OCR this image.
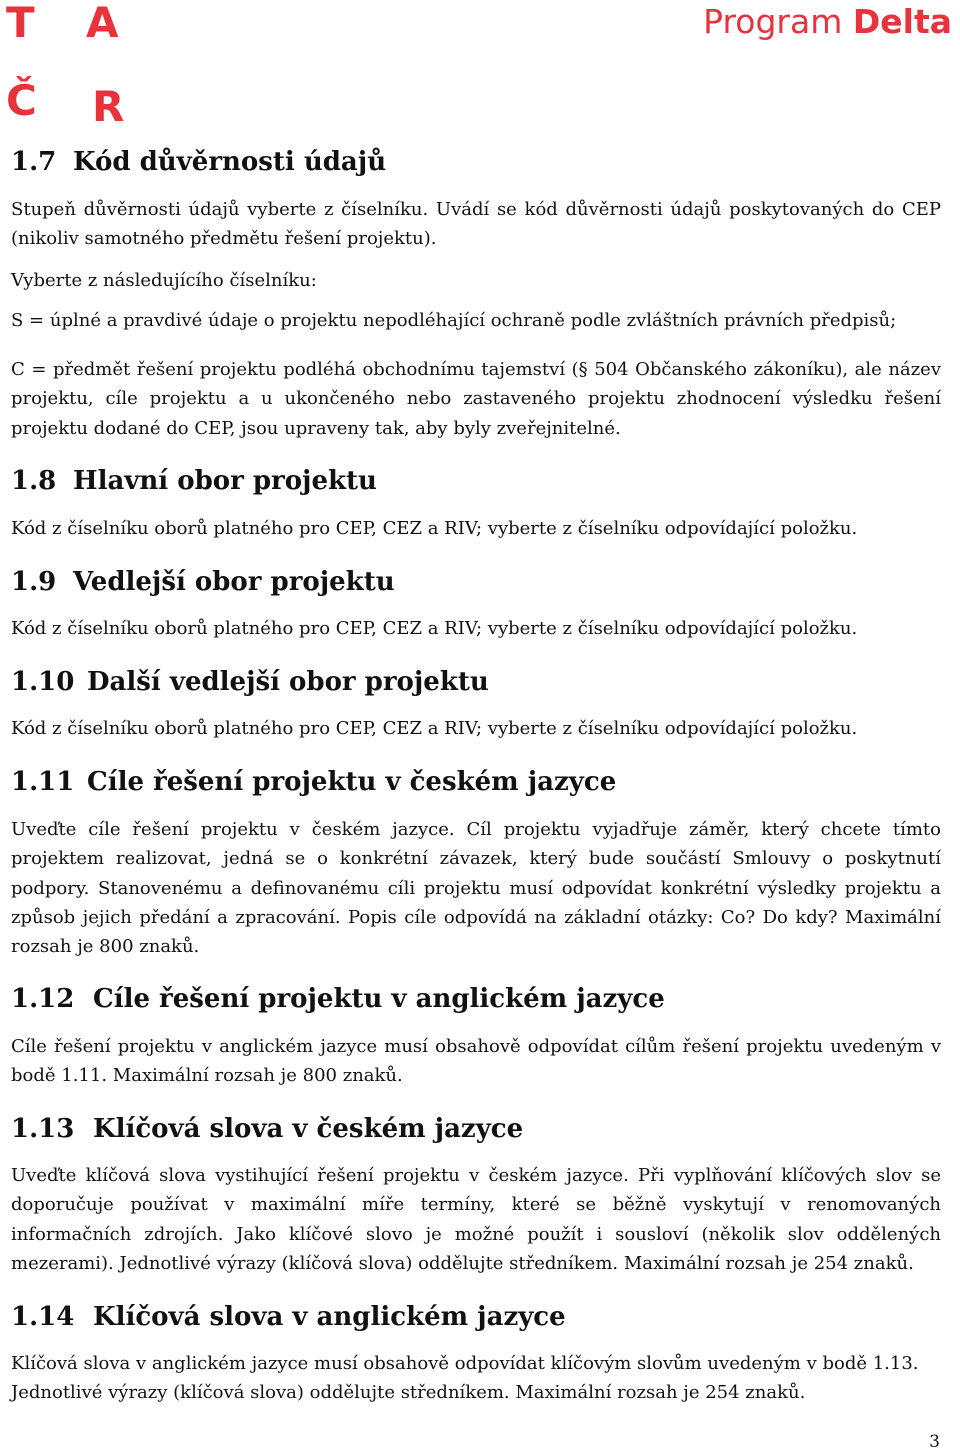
T A
Č R
Program Delta
1.7 Kód důvěrnosti údajů
Stupeň důvěrnosti údajů vyberte z číselníku. Uvádí se kód důvěrnosti údajů poskytovaných do CEP (nikoliv samotného předmětu řešení projektu).
Vyberte z následujícího číselníku:
S = úplné a pravdivé údaje o projektu nepodléhající ochraně podle zvláštních právních předpisů;
C = předmět řešení projektu podléhá obchodnímu tajemství (§ 504 Občanského zákoníku), ale název projektu, cíle projektu a u ukončeného nebo zastaveného projektu zhodnocení výsledku řešení projektu dodané do CEP, jsou upraveny tak, aby byly zveřejnitelné.
1.8 Hlavní obor projektu
Kód z číselníku oborů platného pro CEP, CEZ a RIV; vyberte z číselníku odpovídající položku.
1.9 Vedlejší obor projektu
Kód z číselníku oborů platného pro CEP, CEZ a RIV; vyberte z číselníku odpovídající položku.
1.10 Další vedlejší obor projektu
Kód z číselníku oborů platného pro CEP, CEZ a RIV; vyberte z číselníku odpovídající položku.
1.11 Cíle řešení projektu v českém jazyce
Uveďte cíle řešení projektu v českém jazyce. Cíl projektu vyjadřuje záměr, který chcete tímto projektem realizovat, jedná se o konkrétní závazek, který bude součástí Smlouvy o poskytnutí podpory. Stanovenému a definovanému cíli projektu musí odpovídat konkrétní výsledky projektu a způsob jejich předání a zpracování. Popis cíle odpovídá na základní otázky: Co? Do kdy? Maximální rozsah je 800 znaků.
1.12 Cíle řešení projektu v anglickém jazyce
Cíle řešení projektu v anglickém jazyce musí obsahově odpovídat cílům řešení projektu uvedeným v bodě 1.11. Maximální rozsah je 800 znaků.
1.13 Klíčová slova v českém jazyce
Uveďte klíčová slova vystihující řešení projektu v českém jazyce. Při vyplňování klíčových slov se doporučuje používat v maximální míře termíny, které se běžně vyskytují v renomovaných informačních zdrojích. Jako klíčové slovo je možné použít i sousloví (několik slov oddělených mezerami). Jednotlivé výrazy (klíčová slova) oddělujte středníkem. Maximální rozsah je 254 znaků.
1.14 Klíčová slova v anglickém jazyce
Klíčová slova v anglickém jazyce musí obsahově odpovídat klíčovým slovům uvedeným v bodě 1.13. Jednotlivé výrazy (klíčová slova) oddělujte středníkem. Maximální rozsah je 254 znaků.
3
